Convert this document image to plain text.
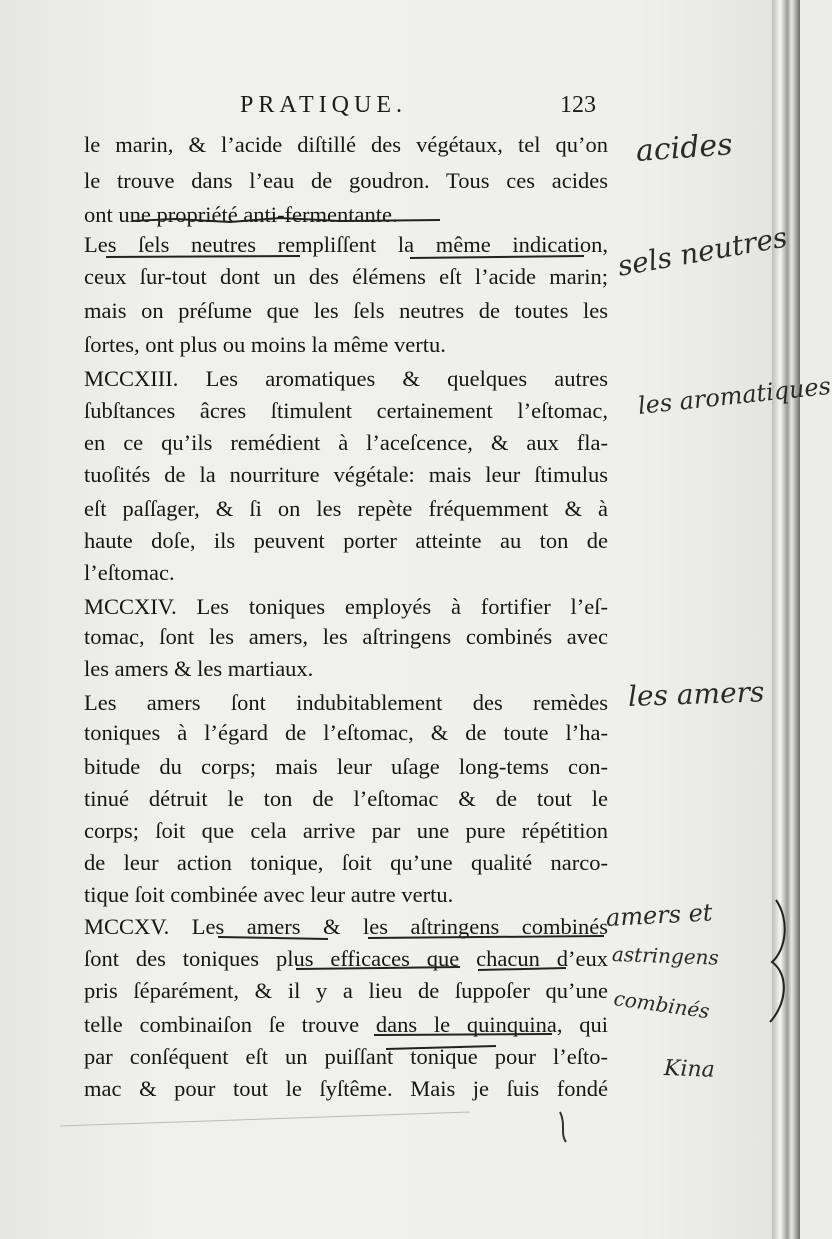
PRATIQUE.	123
le marin, & l’acide diſtillé des végétaux, tel qu’on
le trouve dans l’eau de goudron. Tous ces acides
ont une propriété anti-fermentante.
Les ſels neutres rempliſſent la même indication,
ceux ſur-tout dont un des élémens eſt l’acide marin;
mais on préſume que les ſels neutres de toutes les
ſortes, ont plus ou moins la même vertu.
MCCXIII. Les aromatiques & quelques autres
ſubſtances âcres ſtimulent certainement l’eſtomac,
en ce qu’ils remédient à l’aceſcence, & aux fla-
tuoſités de la nourriture végétale: mais leur ſtimulus
eſt paſſager, & ſi on les repète fréquemment & à
haute doſe, ils peuvent porter atteinte au ton de
l’eſtomac.
MCCXIV. Les toniques employés à fortifier l’eſ-
tomac, ſont les amers, les aſtringens combinés avec
les amers & les martiaux.
Les amers ſont indubitablement des remèdes
toniques à l’égard de l’eſtomac, & de toute l’ha-
bitude du corps; mais leur uſage long-tems con-
tinué détruit le ton de l’eſtomac & de tout le
corps; ſoit que cela arrive par une pure répétition
de leur action tonique, ſoit qu’une qualité narco-
tique ſoit combinée avec leur autre vertu.
MCCXV. Les amers & les aſtringens combinés
ſont des toniques plus efficaces que chacun d’eux
pris ſéparément, & il y a lieu de ſuppoſer qu’une
telle combinaiſon ſe trouve dans le quinquina, qui
par conſéquent eſt un puiſſant tonique pour l’eſto-
mac & pour tout le ſyſtême. Mais je ſuis fondé
acides
sels neutres
les aromatiques
les amers
amers et
astringens
combinés
Kina
